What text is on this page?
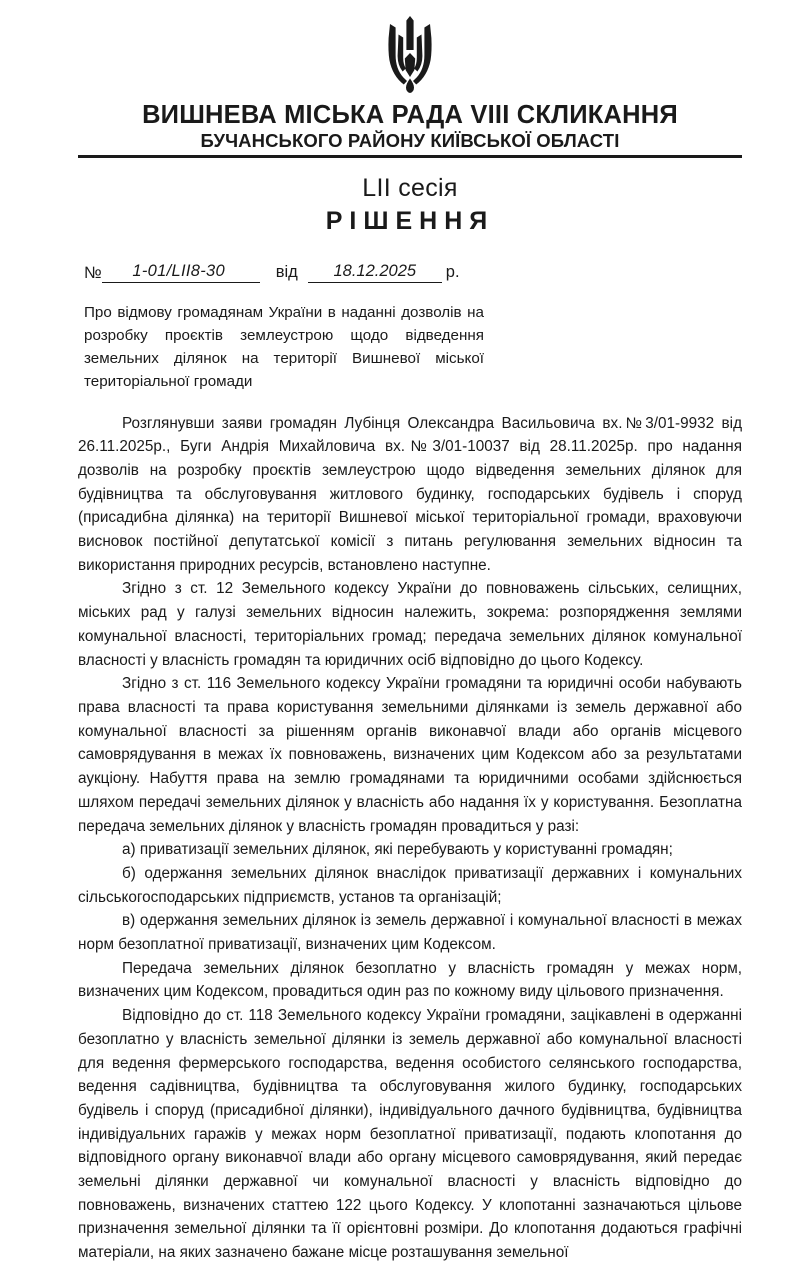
ВИШНЕВА МІСЬКА РАДА VIII СКЛИКАННЯ
БУЧАНСЬКОГО РАЙОНУ КИЇВСЬКОЇ ОБЛАСТІ
LII сесія
РІШЕННЯ
№	1-01/LII8-30	від	18.12.2025	р.
Про відмову громадянам України в наданні дозволів на розробку проєктів землеустрою щодо відведення земельних ділянок на території Вишневої міської територіальної громади

Розглянувши заяви громадян Лубінця Олександра Васильовича вх.№3/01-9932 від 26.11.2025р., Буги Андрія Михайловича вх.№3/01-10037 від 28.11.2025р. про надання дозволів на розробку проєктів землеустрою щодо відведення земельних ділянок для будівництва та обслуговування житлового будинку, господарських будівель і споруд (присадибна ділянка) на території Вишневої міської територіальної громади, враховуючи висновок постійної депутатської комісії з питань регулювання земельних відносин та використання природних ресурсів, встановлено наступне.

Згідно з ст. 12 Земельного кодексу України до повноважень сільських, селищних, міських рад у галузі земельних відносин належить, зокрема: розпорядження землями комунальної власності, територіальних громад; передача земельних ділянок комунальної власності у власність громадян та юридичних осіб відповідно до цього Кодексу.

Згідно з ст. 116 Земельного кодексу України громадяни та юридичні особи набувають права власності та права користування земельними ділянками із земель державної або комунальної власності за рішенням органів виконавчої влади або органів місцевого самоврядування в межах їх повноважень, визначених цим Кодексом або за результатами аукціону. Набуття права на землю громадянами та юридичними особами здійснюється шляхом передачі земельних ділянок у власність або надання їх у користування. Безоплатна передача земельних ділянок у власність громадян провадиться у разі:

а) приватизації земельних ділянок, які перебувають у користуванні громадян;

б) одержання земельних ділянок внаслідок приватизації державних і комунальних сільськогосподарських підприємств, установ та організацій;

в) одержання земельних ділянок із земель державної і комунальної власності в межах норм безоплатної приватизації, визначених цим Кодексом.

Передача земельних ділянок безоплатно у власність громадян у межах норм, визначених цим Кодексом, провадиться один раз по кожному виду цільового призначення.

Відповідно до ст. 118 Земельного кодексу України громадяни, зацікавлені в одержанні безоплатно у власність земельної ділянки із земель державної або комунальної власності для ведення фермерського господарства, ведення особистого селянського господарства, ведення садівництва, будівництва та обслуговування жилого будинку, господарських будівель і споруд (присадибної ділянки), індивідуального дачного будівництва, будівництва індивідуальних гаражів у межах норм безоплатної приватизації, подають клопотання до відповідного органу виконавчої влади або органу місцевого самоврядування, який передає земельні ділянки державної чи комунальної власності у власність відповідно до повноважень, визначених статтею 122 цього Кодексу. У клопотанні зазначаються цільове призначення земельної ділянки та її орієнтовні розміри. До клопотання додаються графічні матеріали, на яких зазначено бажане місце розташування земельної
